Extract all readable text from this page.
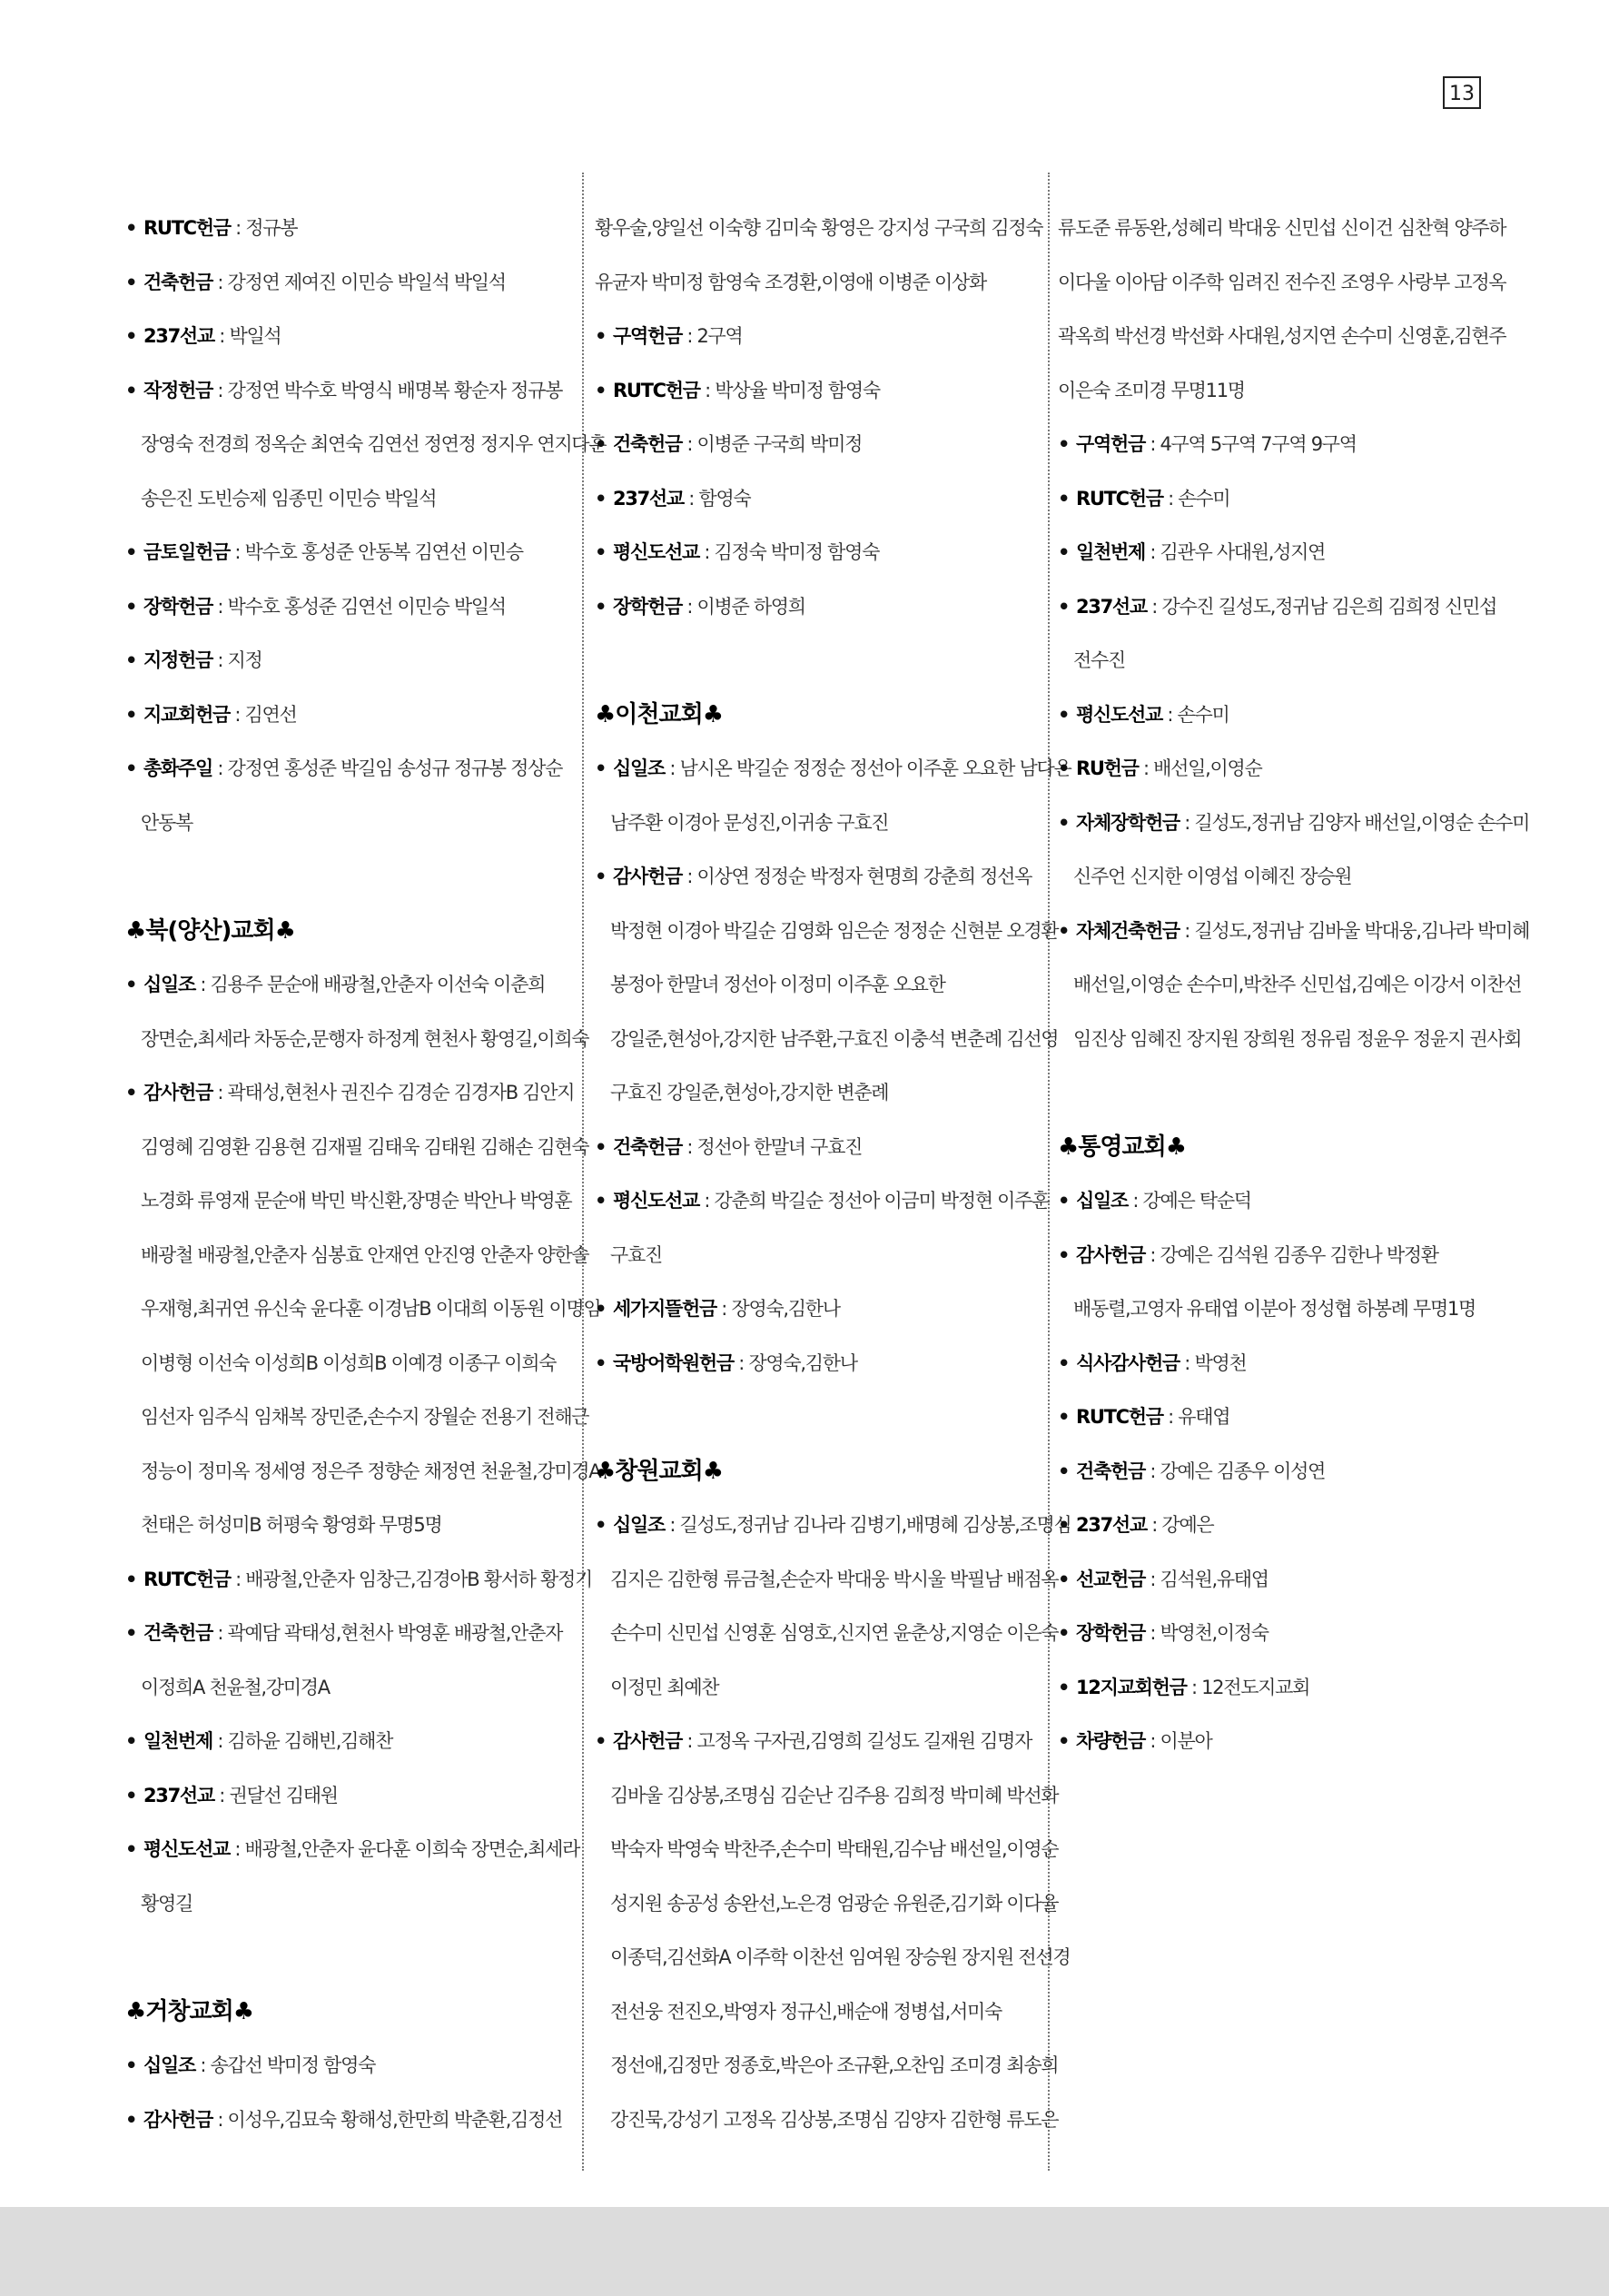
13
• RUTC헌금 : 정규봉
• 건축헌금 : 강정연 제여진 이민승 박일석 박일석
• 237선교 : 박일석
• 작정헌금 : 강정연 박수호 박영식 배명복 황순자 정규봉
장영숙 전경희 정옥순 최연숙 김연선 정연정 정지우 연지다훈
송은진 도빈승제 임종민 이민승 박일석
• 금토일헌금 : 박수호 홍성준 안동복 김연선 이민승
• 장학헌금 : 박수호 홍성준 김연선 이민승 박일석
• 지정헌금 : 지정
• 지교회헌금 : 김연선
• 총화주일 : 강정연 홍성준 박길임 송성규 정규봉 정상순
안동복
♣북(양산)교회♣
• 십일조 : 김용주 문순애 배광철,안춘자 이선숙 이춘희
장면순,최세라 차동순,문행자 하정계 현천사 황영길,이희숙
• 감사헌금 : 곽태성,현천사 권진수 김경순 김경자B 김안지
김영혜 김영환 김용현 김재필 김태욱 김태원 김해손 김현숙
노경화 류영재 문순애 박민 박신환,장명순 박안나 박영훈
배광철 배광철,안춘자 심봉효 안재연 안진영 안춘자 양한솔
우재형,최귀연 유신숙 윤다훈 이경남B 이대희 이동원 이명임
이병형 이선숙 이성희B 이성희B 이예경 이종구 이희숙
임선자 임주식 임채복 장민준,손수지 장월순 전용기 전해근
정능이 정미옥 정세영 정은주 정향순 채정연 천윤철,강미경A
천태은 허성미B 허평숙 황영화 무명5명
• RUTC헌금 : 배광철,안춘자 임창근,김경아B 황서하 황정기
• 건축헌금 : 곽예담 곽태성,현천사 박영훈 배광철,안춘자
이정희A 천윤철,강미경A
• 일천번제 : 김하윤 김해빈,김해찬
• 237선교 : 권달선 김태원
• 평신도선교 : 배광철,안춘자 윤다훈 이희숙 장면순,최세라
황영길
♣거창교회♣
• 십일조 : 송갑선 박미정 함영숙
• 감사헌금 : 이성우,김묘숙 황해성,한만희 박춘환,김정선
황우술,양일선 이숙향 김미숙 황영은 강지성 구국희 김정숙
유균자 박미정 함영숙 조경환,이영애 이병준 이상화
• 구역헌금 : 2구역
• RUTC헌금 : 박상율 박미정 함영숙
• 건축헌금 : 이병준 구국희 박미정
• 237선교 : 함영숙
• 평신도선교 : 김정숙 박미정 함영숙
• 장학헌금 : 이병준 하영희
♣이천교회♣
• 십일조 : 남시온 박길순 정정순 정선아 이주훈 오요한 남다은
남주환 이경아 문성진,이귀송 구효진
• 감사헌금 : 이상연 정정순 박정자 현명희 강춘희 정선옥
박정현 이경아 박길순 김영화 임은순 정정순 신현분 오경환
봉정아 한말녀 정선아 이정미 이주훈 오요한
강일준,현성아,강지한 남주환,구효진 이충석 변춘례 김선영
구효진 강일준,현성아,강지한 변춘례
• 건축헌금 : 정선아 한말녀 구효진
• 평신도선교 : 강춘희 박길순 정선아 이금미 박정현 이주훈
구효진
• 세가지뜰헌금 : 장영숙,김한나
• 국방어학원헌금 : 장영숙,김한나
♣창원교회♣
• 십일조 : 길성도,정귀남 김나라 김병기,배명혜 김상봉,조명심
김지은 김한형 류금철,손순자 박대웅 박시울 박필남 배점옥
손수미 신민섭 신영훈 심영호,신지연 윤춘상,지영순 이은숙
이정민 최예찬
• 감사헌금 : 고정옥 구자권,김영희 길성도 길재원 김명자
김바울 김상봉,조명심 김순난 김주용 김희정 박미혜 박선화
박숙자 박영숙 박찬주,손수미 박태원,김수남 배선일,이영순
성지원 송공성 송완선,노은경 엄광순 유원준,김기화 이다율
이종덕,김선화A 이주학 이찬선 임여원 장승원 장지원 전선경
전선웅 전진오,박영자 정규신,배순애 정병섭,서미숙
정선애,김정만 정종호,박은아 조규환,오찬임 조미경 최송희
강진묵,강성기 고정옥 김상봉,조명심 김양자 김한형 류도은
류도준 류동완,성혜리 박대웅 신민섭 신이건 심찬혁 양주하
이다울 이아담 이주학 임려진 전수진 조영우 사랑부 고정옥
곽옥희 박선경 박선화 사대원,성지연 손수미 신영훈,김현주
이은숙 조미경 무명11명
• 구역헌금 : 4구역 5구역 7구역 9구역
• RUTC헌금 : 손수미
• 일천번제 : 김관우 사대원,성지연
• 237선교 : 강수진 길성도,정귀남 김은희 김희정 신민섭
전수진
• 평신도선교 : 손수미
• RU헌금 : 배선일,이영순
• 자체장학헌금 : 길성도,정귀남 김양자 배선일,이영순 손수미
신주언 신지한 이영섭 이혜진 장승원
• 자체건축헌금 : 길성도,정귀남 김바울 박대웅,김나라 박미혜
배선일,이영순 손수미,박찬주 신민섭,김예은 이강서 이찬선
임진상 임혜진 장지원 장희원 정유림 정윤우 정윤지 권사회
♣통영교회♣
• 십일조 : 강예은 탁순덕
• 감사헌금 : 강예은 김석원 김종우 김한나 박정환
배동렬,고영자 유태엽 이분아 정성협 하봉례 무명1명
• 식사감사헌금 : 박영천
• RUTC헌금 : 유태엽
• 건축헌금 : 강예은 김종우 이성연
• 237선교 : 강예은
• 선교헌금 : 김석원,유태엽
• 장학헌금 : 박영천,이정숙
• 12지교회헌금 : 12전도지교회
• 차량헌금 : 이분아
